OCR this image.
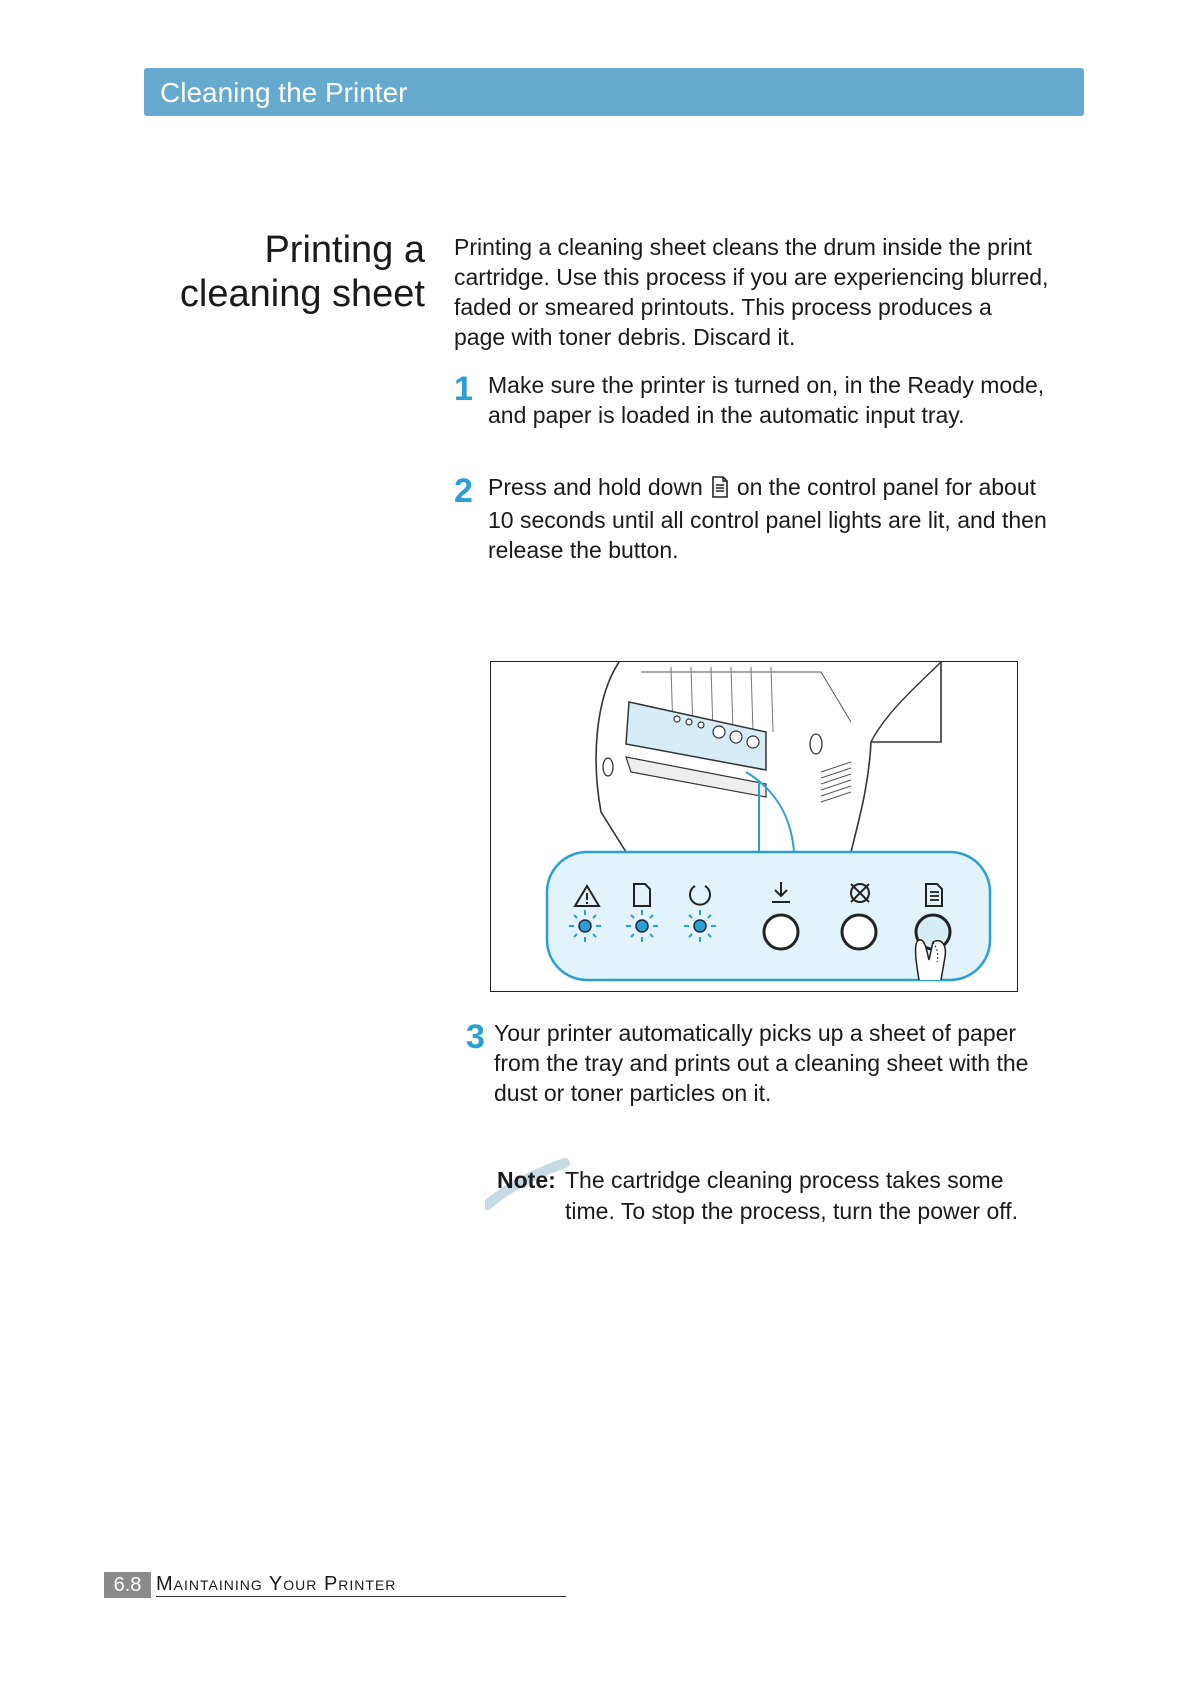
Cleaning the Printer
Printing a
cleaning sheet
Printing a cleaning sheet cleans the drum inside the print
cartridge. Use this process if you are experiencing blurred,
faded or smeared printouts. This process produces a
page with toner debris. Discard it.
1 Make sure the printer is turned on, in the Ready mode,
and paper is loaded in the automatic input tray.
2 Press and hold down on the control panel for about
10 seconds until all control panel lights are lit, and then
release the button.
3 Your printer automatically picks up a sheet of paper
from the tray and prints out a cleaning sheet with the
dust or toner particles on it.
Note: The cartridge cleaning process takes some
time. To stop the process, turn the power off.
6.8 Maintaining Your Printer
